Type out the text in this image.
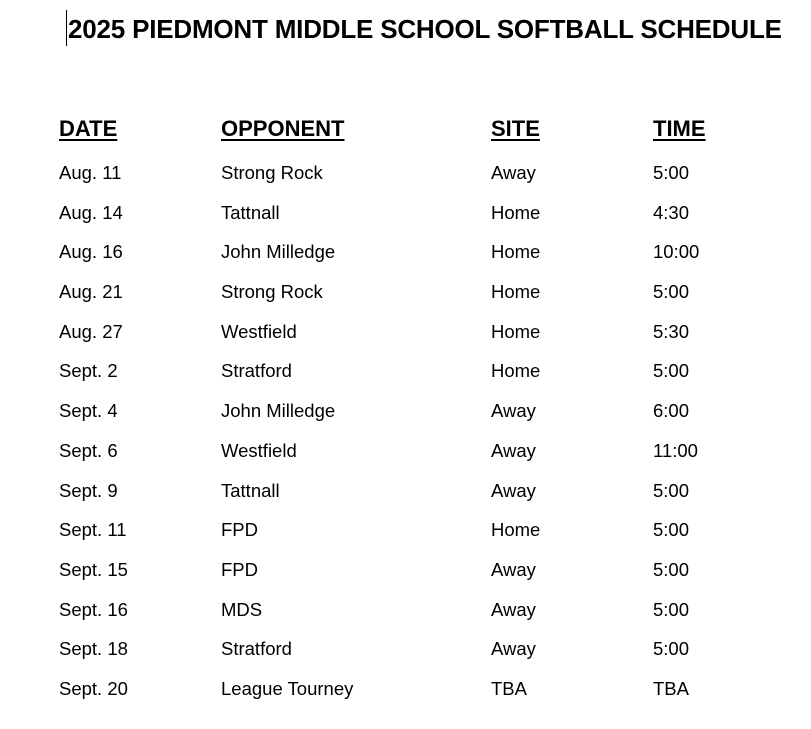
2025 PIEDMONT MIDDLE SCHOOL SOFTBALL SCHEDULE
DATE	OPPONENT	SITE	TIME
Aug. 11	Strong Rock	Away	5:00
Aug. 14	Tattnall	Home	4:30
Aug. 16	John Milledge	Home	10:00
Aug. 21	Strong Rock	Home	5:00
Aug. 27	Westfield	Home	5:30
Sept. 2	Stratford	Home	5:00
Sept. 4	John Milledge	Away	6:00
Sept. 6	Westfield	Away	11:00
Sept. 9	Tattnall	Away	5:00
Sept. 11	FPD	Home	5:00
Sept. 15	FPD	Away	5:00
Sept. 16	MDS	Away	5:00
Sept. 18	Stratford	Away	5:00
Sept. 20	League Tourney	TBA	TBA
